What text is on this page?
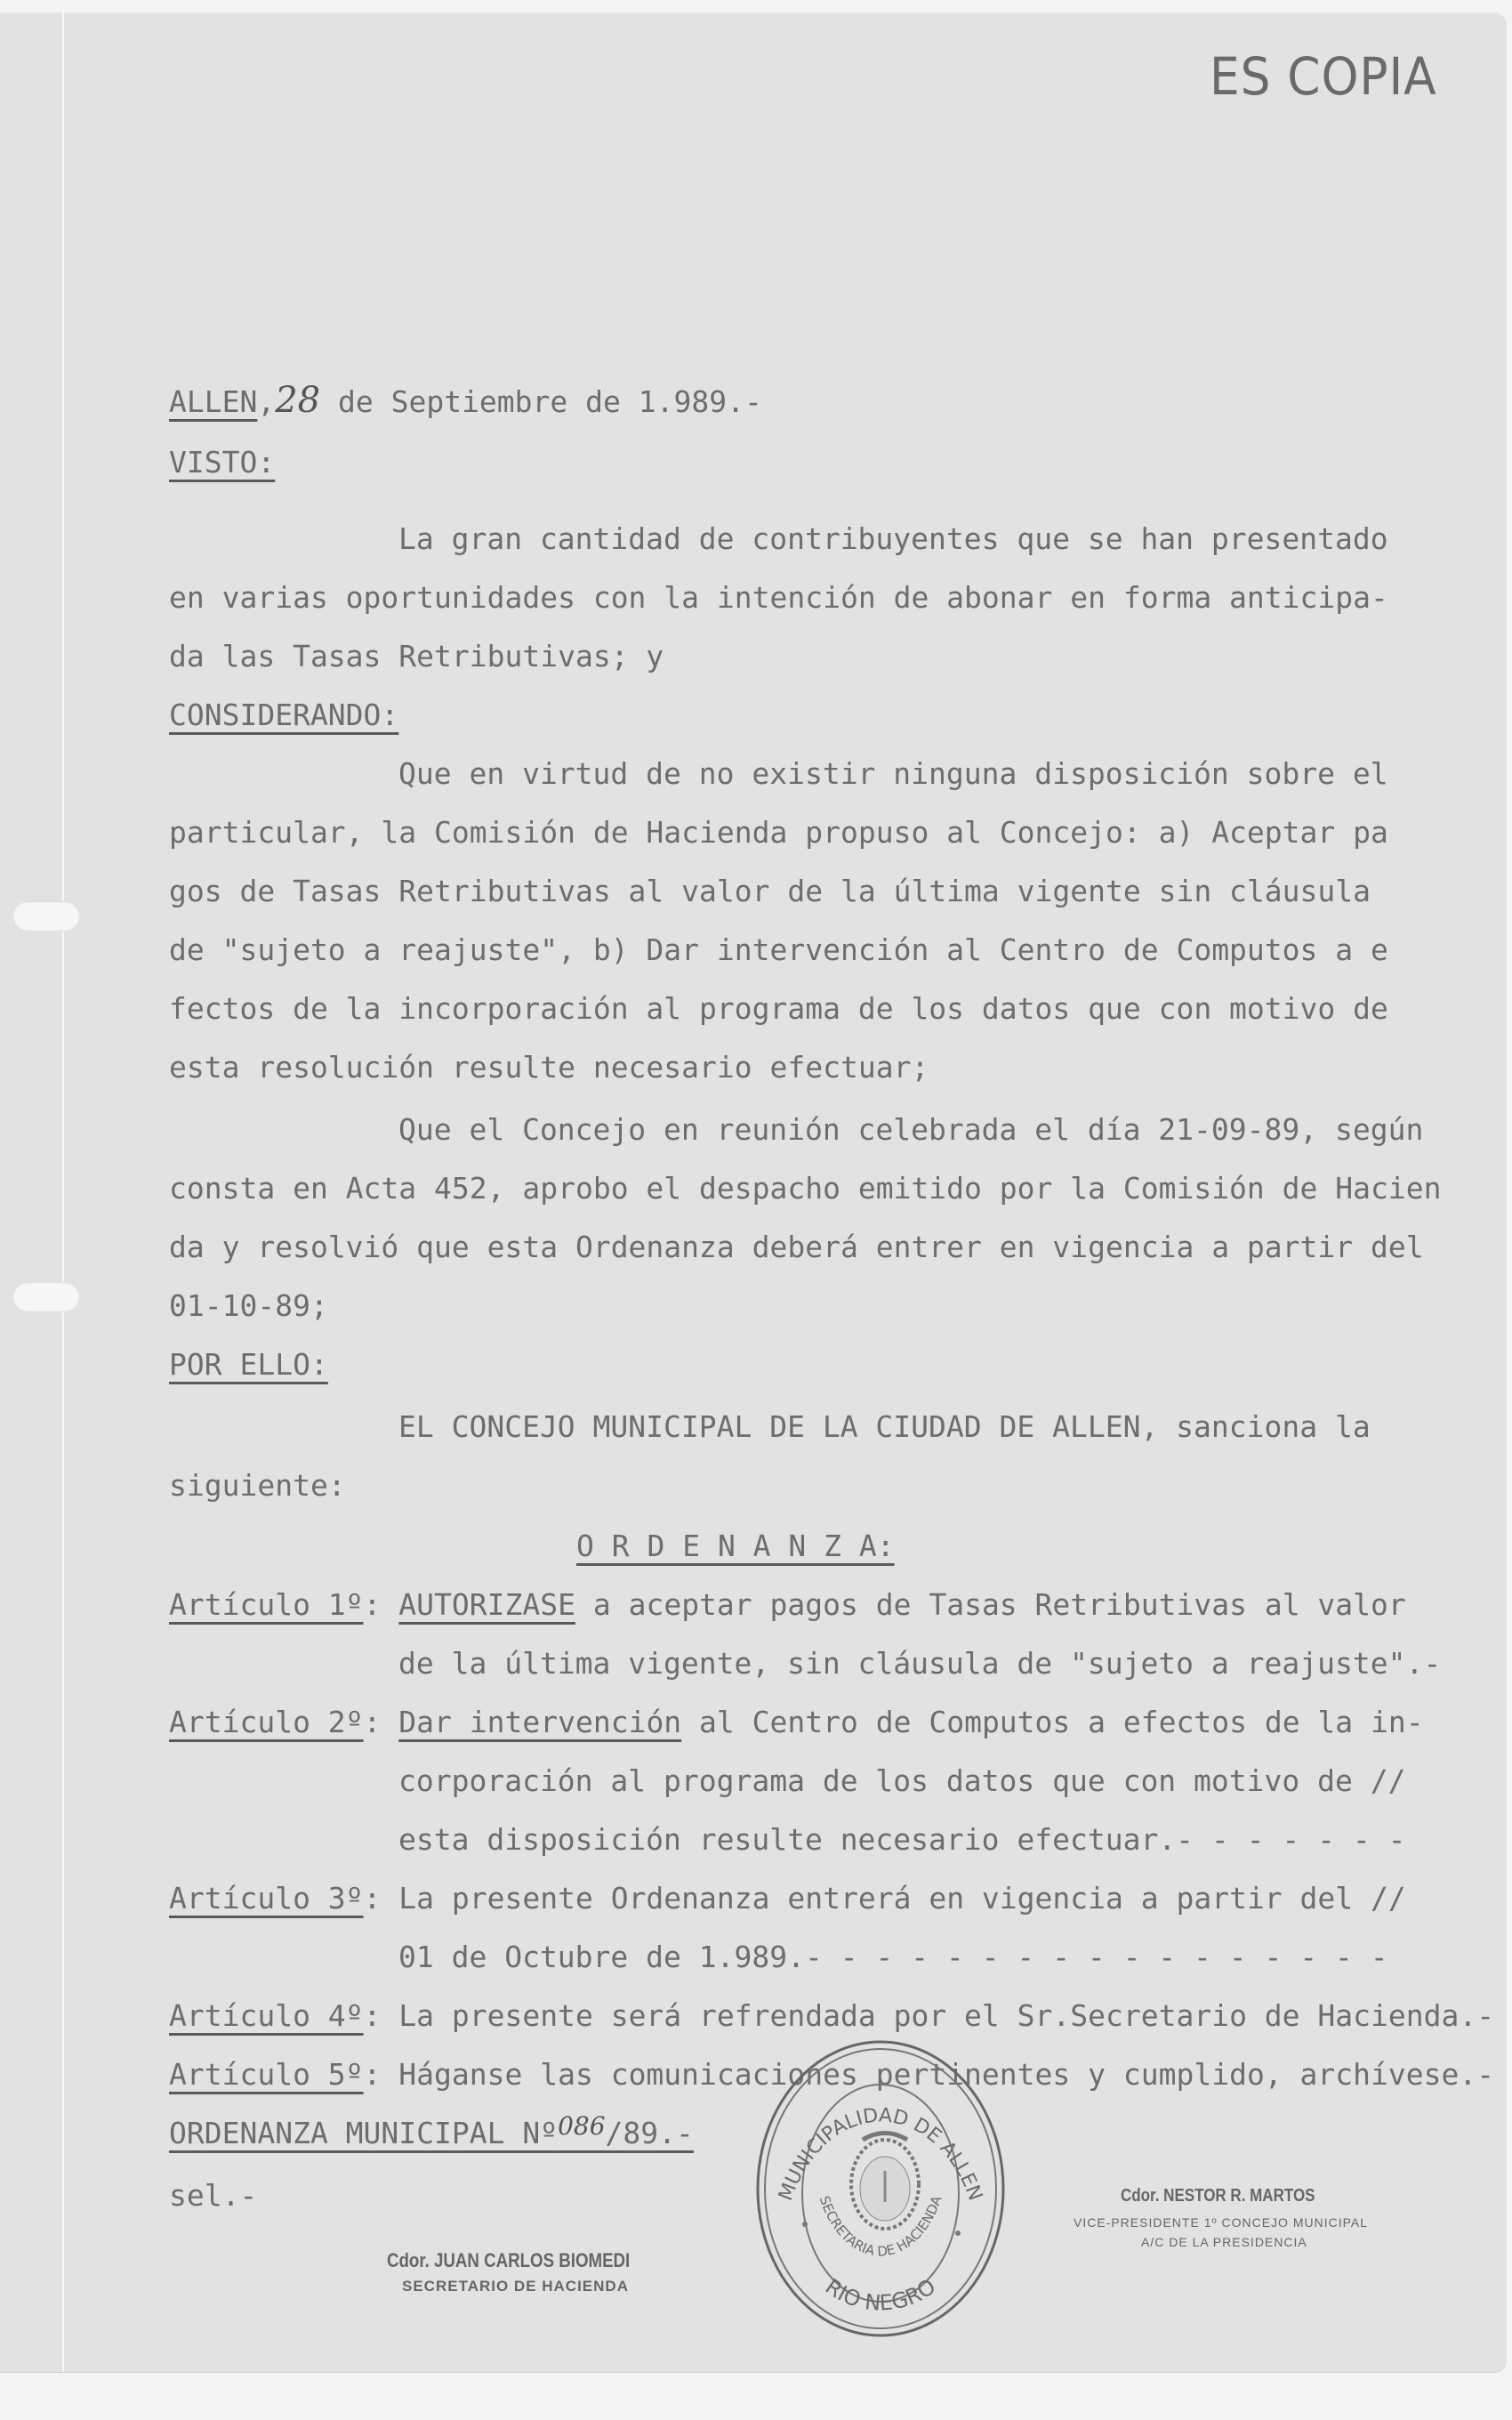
ES COPIA
ALLEN,28 de Septiembre de 1.989.-
VISTO:
La gran cantidad de contribuyentes que se han presentado
en varias oportunidades con la intención de abonar en forma anticipa-
da las Tasas Retributivas; y
CONSIDERANDO:
Que en virtud de no existir ninguna disposición sobre el
particular, la Comisión de Hacienda propuso al Concejo: a) Aceptar pa
gos de Tasas Retributivas al valor de la última vigente sin cláusula
de "sujeto a reajuste", b) Dar intervención al Centro de Computos a e
fectos de la incorporación al programa de los datos que con motivo de
esta resolución resulte necesario efectuar;
Que el Concejo en reunión celebrada el día 21-09-89, según
consta en Acta 452, aprobo el despacho emitido por la Comisión de Hacien
da y resolvió que esta Ordenanza deberá entrer en vigencia a partir del
01-10-89;
POR ELLO:
EL CONCEJO MUNICIPAL DE LA CIUDAD DE ALLEN, sanciona la
siguiente:
O R D E N A N Z A:
Artículo 1º: AUTORIZASE a aceptar pagos de Tasas Retributivas al valor
de la última vigente, sin cláusula de "sujeto a reajuste".-
Artículo 2º: Dar intervención al Centro de Computos a efectos de la in-
corporación al programa de los datos que con motivo de //
esta disposición resulte necesario efectuar.- - - - - - -
Artículo 3º: La presente Ordenanza entrerá en vigencia a partir del //
01 de Octubre de 1.989.- - - - - - - - - - - - - - - - -
Artículo 4º: La presente será refrendada por el Sr.Secretario de Hacienda.-
Artículo 5º: Háganse las comunicaciones pertinentes y cumplido, archívese.-
ORDENANZA MUNICIPAL Nº$^{086}$/89.-
sel.-	MUNICIPALIDAD DE ALLEN
SECRETARIA DE HACIENDA
RIO NEGRO
Cdor. JUAN CARLOS BIOMEDI
SECRETARIO DE HACIENDA
Cdor. NESTOR R. MARTOS
VICE-PRESIDENTE 1º CONCEJO MUNICIPAL
A/C DE LA PRESIDENCIA
